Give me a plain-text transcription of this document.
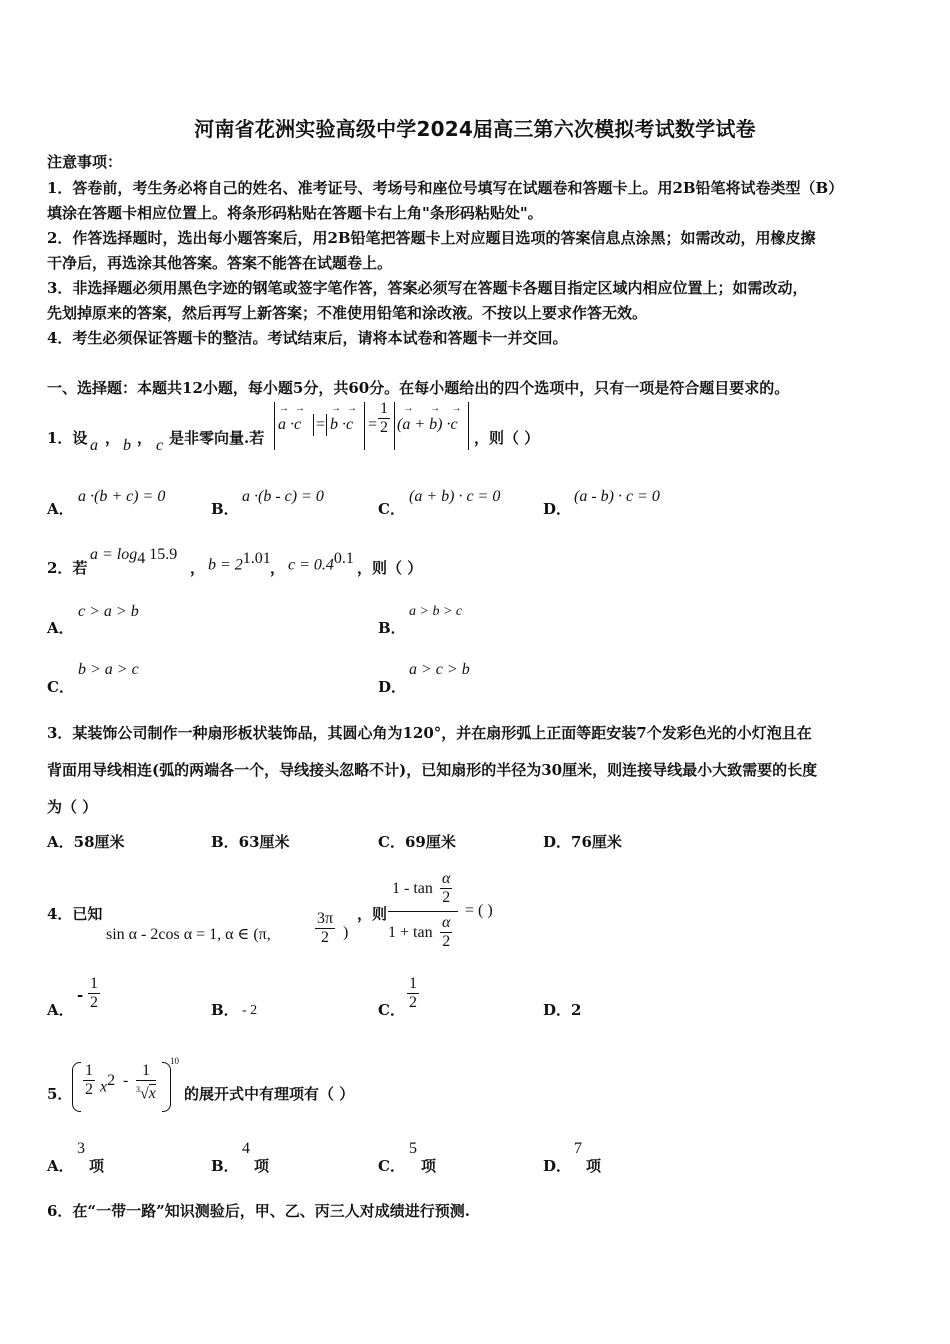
河南省花洲实验高级中学2024届高三第六次模拟考试数学试卷
注意事项：
1．答卷前，考生务必将自己的姓名、准考证号、考场号和座位号填写在试题卷和答题卡上。用2B铅笔将试卷类型（B）
填涂在答题卡相应位置上。将条形码粘贴在答题卡右上角"条形码粘贴处"。
2．作答选择题时，选出每小题答案后，用2B铅笔把答题卡上对应题目选项的答案信息点涂黑；如需改动，用橡皮擦
干净后，再选涂其他答案。答案不能答在试题卷上。
3．非选择题必须用黑色字迹的钢笔或签字笔作答，答案必须写在答题卡各题目指定区域内相应位置上；如需改动，
先划掉原来的答案，然后再写上新答案；不准使用铅笔和涂改液。不按以上要求作答无效。
4．考生必须保证答题卡的整洁。考试结束后，请将本试卷和答题卡一并交回。
一、选择题：本题共12小题，每小题5分，共60分。在每小题给出的四个选项中，只有一项是符合题目要求的。
1．设 a ， b ， c 是非零向量.若
→ a ·→ c =
→ $b \cdot\to c = \frac{1}{2}$ (→ a + → b) ·→ c
，则（ ）
A．
a ·(b + c) = 0
B．
a ·(b - c) = 0
C．
(a + b) · c = 0
D．
(a - b) · c = 0
2．若
$a = \log_4 15.9$
， $b = 2^{1.01}$
， $c = 0.4^{0.1}$
，则（ ）
A．
c > a > b
B．
a > b > c
C．
b > a > c
D．
a > c > b
3．某装饰公司制作一种扇形板状装饰品，其圆心角为120°，并在扇形弧上正面等距安装7个发彩色光的小灯泡且在
背面用导线相连(弧的两端各一个，导线接头忽略不计)，已知扇形的半径为30厘米，则连接导线最小大致需要的长度
为（ ）
A．58厘米	B．63厘米	C．69厘米	D．76厘米
4．已知
sin α - 2cos α = 1, α ∈ (π,	$\frac{3\pi}{2}$ )
，则
$1 - \tan \frac{\alpha}{2}$
$1 + \tan \frac{\alpha}{2}$
= ( )
A．
- $\frac{1}{2}$	B． - 2	C． $\frac{1}{2}$	D．2
5． $\frac{1}{2} x^2 - \frac{1}{^3√x}$
10
的展开式中有理项有（ ）
A．
3
项	B．
4
项	C．
5
项	D．
7
项
6．在“一带一路”知识测验后，甲、乙、丙三人对成绩进行预测.
